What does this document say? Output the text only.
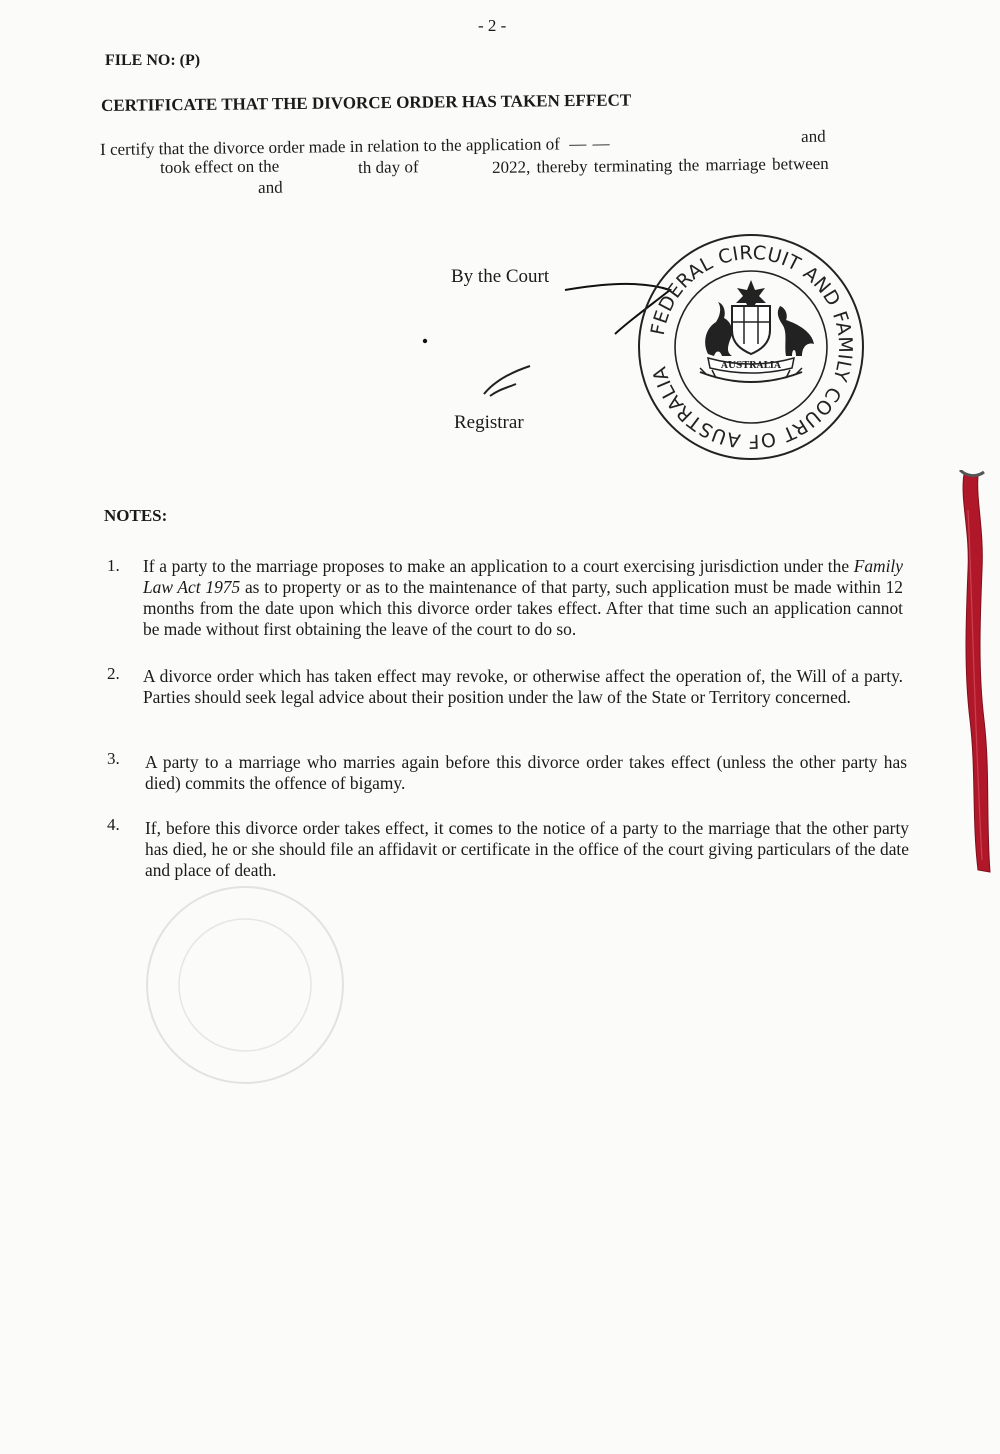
- 2 -
FILE NO: (P)
CERTIFICATE THAT THE DIVORCE ORDER HAS TAKEN EFFECT
I certify that the divorce order made in relation to the application of  — —	and
took effect on the	th day of	2022, thereby terminating the marriage between
and
By the Court
Registrar
FEDERAL CIRCUIT AND FAMILY COURT OF AUSTRALIA	AUSTRALIA
NOTES:
1. If a party to the marriage proposes to make an application to a court exercising jurisdiction under the Family Law Act 1975 as to property or as to the maintenance of that party, such application must be made within 12 months from the date upon which this divorce order takes effect. After that time such an application cannot be made without first obtaining the leave of the court to do so.
2. A divorce order which has taken effect may revoke, or otherwise affect the operation of, the Will of a party. Parties should seek legal advice about their position under the law of the State or Territory concerned.
3. A party to a marriage who marries again before this divorce order takes effect (unless the other party has died) commits the offence of bigamy.
4. If, before this divorce order takes effect, it comes to the notice of a party to the marriage that the other party has died, he or she should file an affidavit or certificate in the office of the court giving particulars of the date and place of death.
